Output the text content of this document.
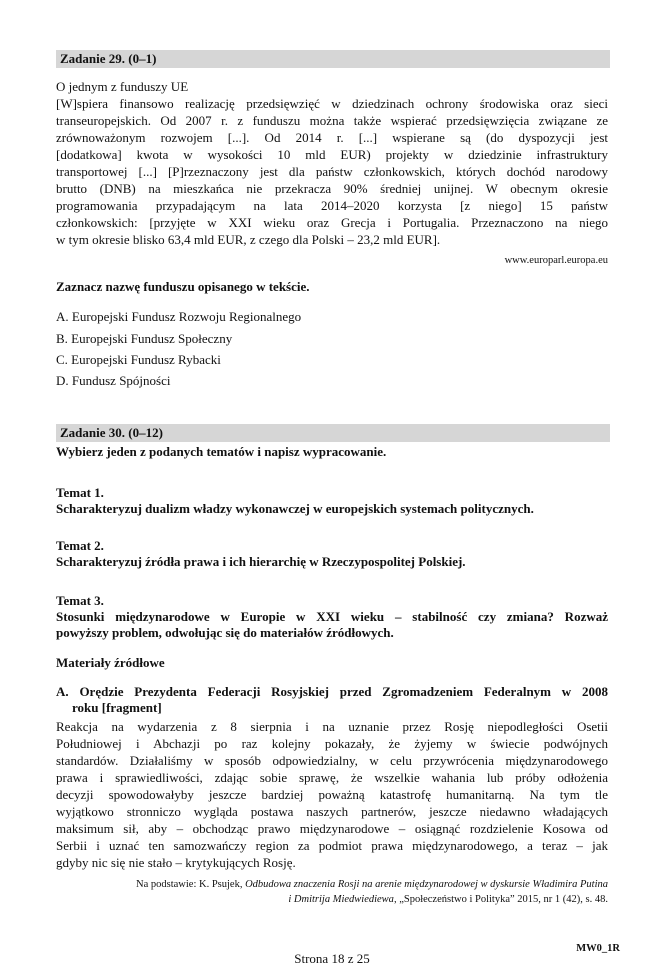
Zadanie 29. (0–1)

O jednym z funduszy UE

[W]spiera finansowo realizację przedsięwzięć w dziedzinach ochrony środowiska oraz sieci

transeuropejskich. Od 2007 r. z funduszu można także wspierać przedsięwzięcia związane ze

zrównoważonym rozwojem [...]. Od 2014 r. [...] wspierane są (do dyspozycji jest

[dodatkowa] kwota w wysokości 10 mld EUR) projekty w dziedzinie infrastruktury

transportowej [...] [P]rzeznaczony jest dla państw członkowskich, których dochód narodowy

brutto (DNB) na mieszkańca nie przekracza 90% średniej unijnej. W obecnym okresie

programowania przypadającym na lata 2014–2020 korzysta [z niego] 15 państw

członkowskich: [przyjęte w XXI wieku oraz Grecja i Portugalia. Przeznaczono na niego

w tym okresie blisko 63,4 mld EUR, z czego dla Polski – 23,2 mld EUR].

www.europarl.europa.eu

Zaznacz nazwę funduszu opisanego w tekście.

A. Europejski Fundusz Rozwoju Regionalnego

B. Europejski Fundusz Społeczny

C. Europejski Fundusz Rybacki

D. Fundusz Spójności

Zadanie 30. (0–12)

Wybierz jeden z podanych tematów i napisz wypracowanie.

Temat 1.

Scharakteryzuj dualizm władzy wykonawczej w europejskich systemach politycznych.

Temat 2.

Scharakteryzuj źródła prawa i ich hierarchię w Rzeczypospolitej Polskiej.

Temat 3.

Stosunki międzynarodowe w Europie w XXI wieku – stabilność czy zmiana? Rozważ

powyższy problem, odwołując się do materiałów źródłowych.

Materiały źródłowe

A. Orędzie Prezydenta Federacji Rosyjskiej przed Zgromadzeniem Federalnym w 2008

roku [fragment]

Reakcja na wydarzenia z 8 sierpnia i na uznanie przez Rosję niepodległości Osetii

Południowej i Abchazji po raz kolejny pokazały, że żyjemy w świecie podwójnych

standardów. Działaliśmy w sposób odpowiedzialny, w celu przywrócenia międzynarodowego

prawa i sprawiedliwości, zdając sobie sprawę, że wszelkie wahania lub próby odłożenia

decyzji spowodowałyby jeszcze bardziej poważną katastrofę humanitarną. Na tym tle

wyjątkowo stronniczo wygląda postawa naszych partnerów, jeszcze niedawno władających

maksimum sił, aby – obchodząc prawo międzynarodowe – osiągnąć rozdzielenie Kosowa od

Serbii i uznać ten samozwańczy region za podmiot prawa międzynarodowego, a teraz – jak

gdyby nic się nie stało – krytykujących Rosję.

Na podstawie: K. Psujek, Odbudowa znaczenia Rosji na arenie międzynarodowej w dyskursie Władimira Putina
i Dmitrija Miedwiediewa, „Społeczeństwo i Polityka” 2015, nr 1 (42), s. 48.

Strona 18 z 25

MW0_1R
